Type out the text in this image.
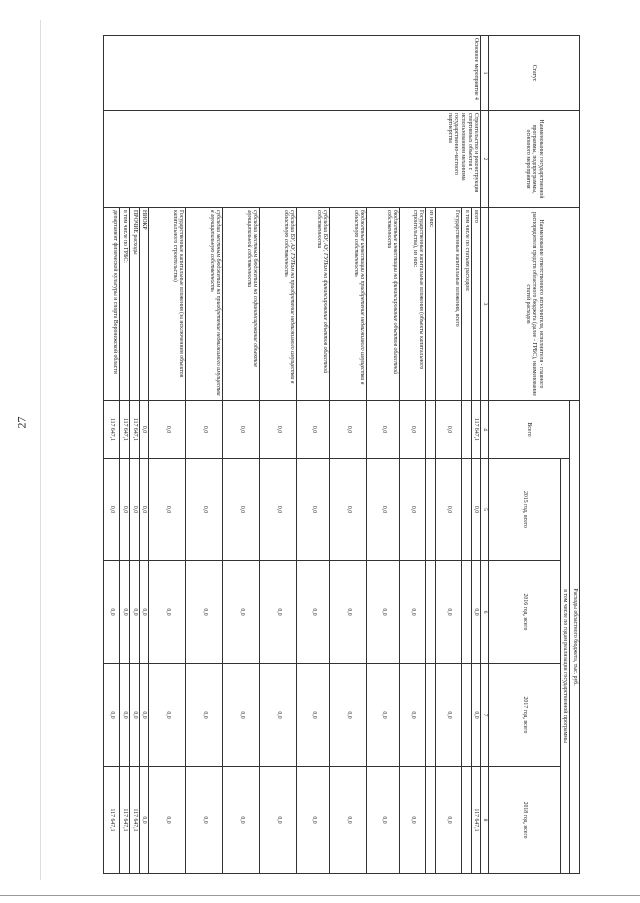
27
Статус	Наименование государственной программы, подпрограммы, основного мероприятия	Наименование ответственного исполнителя, исполнителя - главного распорядителя средств областного бюджета (далее - ГРБС), наименование статей расходов	Расходы областного бюджета, тыс. руб.				
			Всего	в том числе по годам реализации государственной программы			
				2015 год, всего	2016 год, всего	2017 год, всего	2018 год, всего
1	2	3	4	5	6	7	8
Основное мероприятие 4	Строительство и реконструкция спортивных объектов с использованием механизма государственно-частного партнерства	всего	117 647,1	0,0	0,0	0,0	117 647,1
		в том числе по статьям расходов:					
		Государственные капитальные вложения, всего	0,0	0,0	0,0	0,0	0,0
		из них:					
		Государственные капитальные вложения (объекты капитального строительства), из них:	0,0	0,0	0,0	0,0	0,0
		бюджетные инвестиции на финансирование объектов областной собственности	0,0	0,0	0,0	0,0	0,0
		бюджетные инвестиции на приобретение недвижимого имущества в областную собственность	0,0	0,0	0,0	0,0	0,0
		субсидии БУ, АУ, ГУПам на финансирование объектов областной собственности	0,0	0,0	0,0	0,0	0,0
		субсидии БУ, АУ, ГУПам на приобретение недвижимого имущества в областную собственность	0,0	0,0	0,0	0,0	0,0
		субсидии местным бюджетам на софинансирование объектов муниципальной собственности	0,0	0,0	0,0	0,0	0,0
		субсидии местным бюджетам на приобретение недвижимого имущества в муниципальную собственность	0,0	0,0	0,0	0,0	0,0
		Государственные капитальные вложения (за исключением объектов капитального строительства)	0,0	0,0	0,0	0,0	0,0
		НИОКР	0,0	0,0	0,0	0,0	0,0
		ПРОЧИЕ расходы	117 647,1	0,0	0,0	0,0	117 647,1
		в том числе по ГРБС:	117 647,1	0,0	0,0	0,0	117 647,1
		департамент физической культуры и спорта Воронежской области	117 647,1	0,0	0,0	0,0	117 647,1
